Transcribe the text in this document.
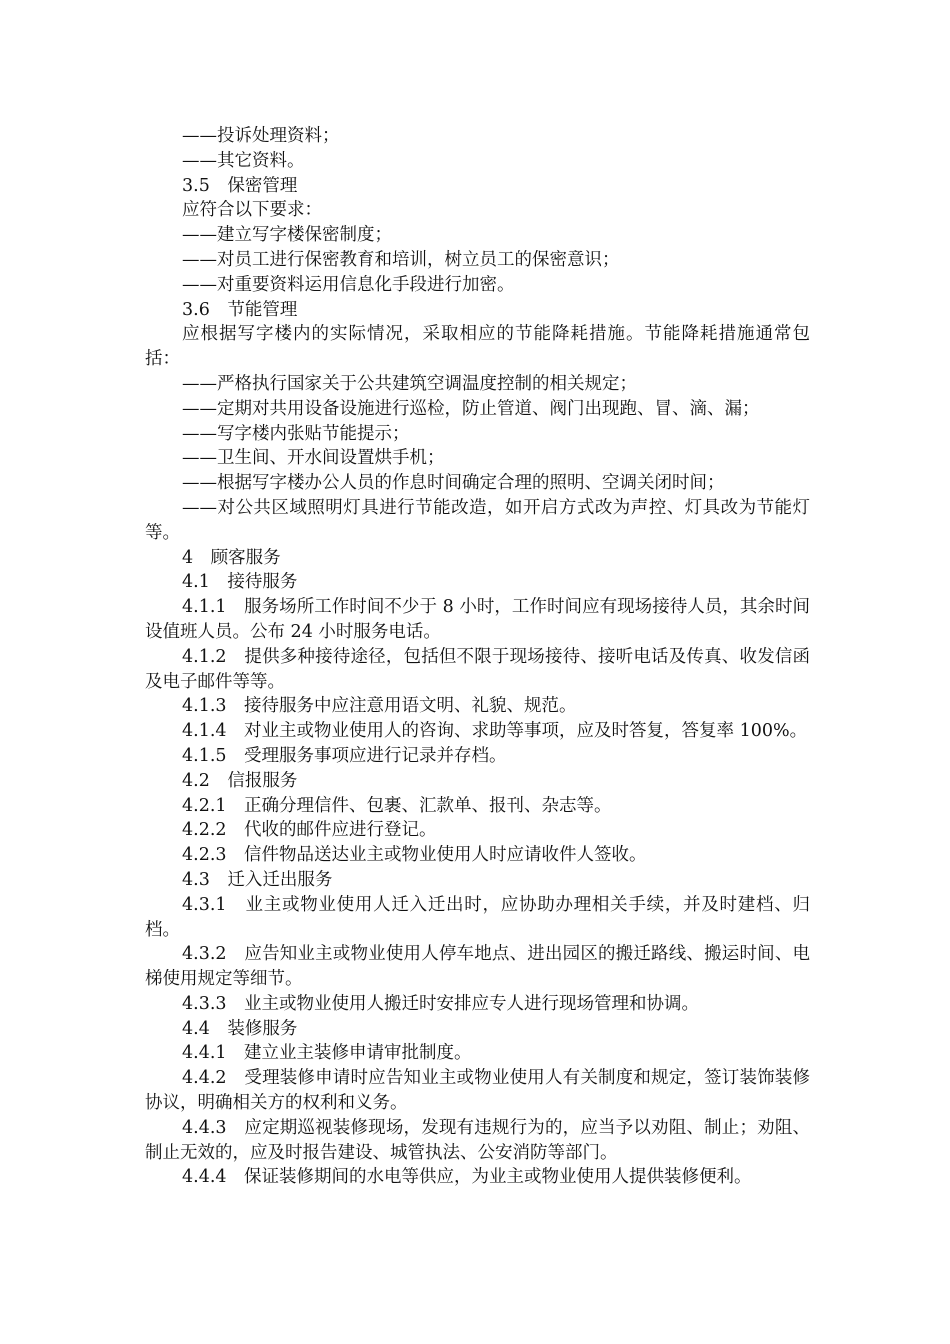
——投诉处理资料；

——其它资料。

3.5　保密管理

应符合以下要求：

——建立写字楼保密制度；

——对员工进行保密教育和培训，树立员工的保密意识；

——对重要资料运用信息化手段进行加密。

3.6　节能管理

应根据写字楼内的实际情况，采取相应的节能降耗措施。节能降耗措施通常包括：

——严格执行国家关于公共建筑空调温度控制的相关规定；

——定期对共用设备设施进行巡检，防止管道、阀门出现跑、冒、滴、漏；

——写字楼内张贴节能提示；

——卫生间、开水间设置烘手机；

——根据写字楼办公人员的作息时间确定合理的照明、空调关闭时间；

——对公共区域照明灯具进行节能改造，如开启方式改为声控、灯具改为节能灯等。

4　顾客服务

4.1　接待服务

4.1.1　服务场所工作时间不少于 8 小时，工作时间应有现场接待人员，其余时间设值班人员。公布 24 小时服务电话。

4.1.2　提供多种接待途径，包括但不限于现场接待、接听电话及传真、收发信函及电子邮件等等。

4.1.3　接待服务中应注意用语文明、礼貌、规范。

4.1.4　对业主或物业使用人的咨询、求助等事项，应及时答复，答复率 100%。

4.1.5　受理服务事项应进行记录并存档。

4.2　信报服务

4.2.1　正确分理信件、包裹、汇款单、报刊、杂志等。

4.2.2　代收的邮件应进行登记。

4.2.3　信件物品送达业主或物业使用人时应请收件人签收。

4.3　迁入迁出服务

4.3.1　业主或物业使用人迁入迁出时，应协助办理相关手续，并及时建档、归档。

4.3.2　应告知业主或物业使用人停车地点、进出园区的搬迁路线、搬运时间、电梯使用规定等细节。

4.3.3　业主或物业使用人搬迁时安排应专人进行现场管理和协调。

4.4　装修服务

4.4.1　建立业主装修申请审批制度。

4.4.2　受理装修申请时应告知业主或物业使用人有关制度和规定，签订装饰装修协议，明确相关方的权利和义务。

4.4.3　应定期巡视装修现场，发现有违规行为的，应当予以劝阻、制止；劝阻、制止无效的，应及时报告建设、城管执法、公安消防等部门。

4.4.4　保证装修期间的水电等供应，为业主或物业使用人提供装修便利。
